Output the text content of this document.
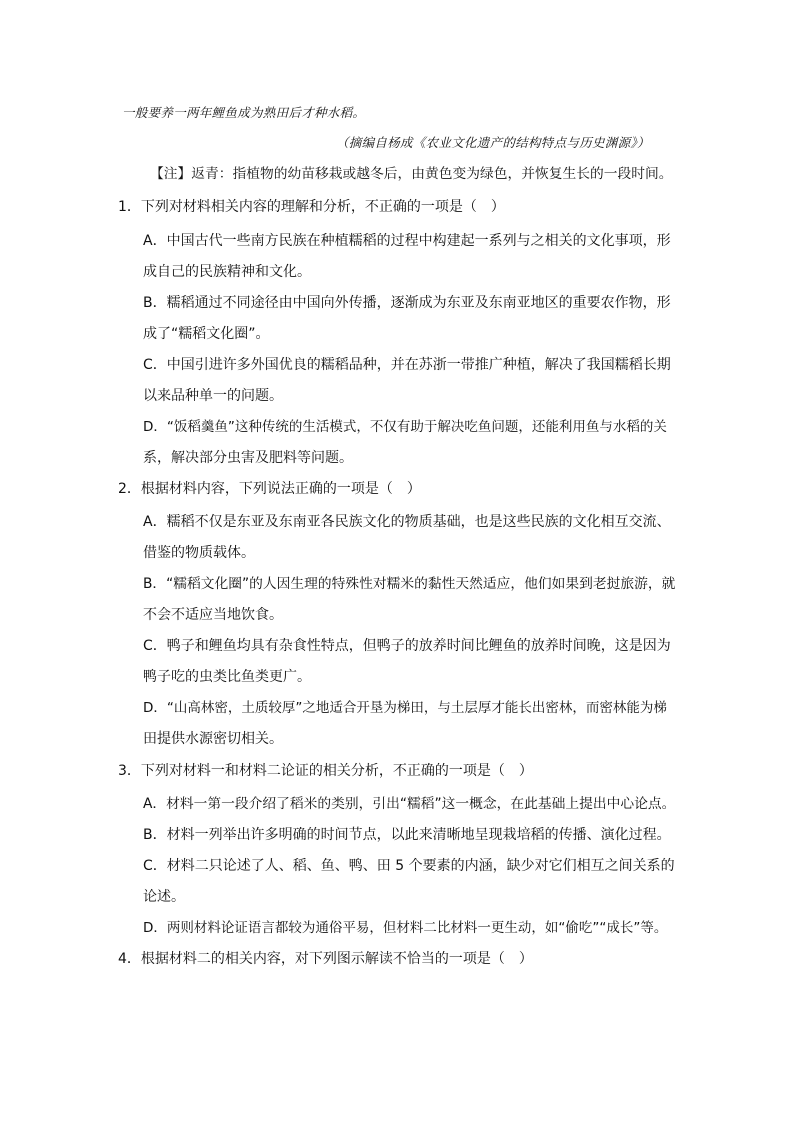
一般要养一两年鲤鱼成为熟田后才种水稻。
（摘编自杨成《农业文化遗产的结构特点与历史渊源》）
【注】返青：指植物的幼苗移栽或越冬后，由黄色变为绿色，并恢复生长的一段时间。
1．下列对材料相关内容的理解和分析，不正确的一项是（　）
A．中国古代一些南方民族在种植糯稻的过程中构建起一系列与之相关的文化事项，形
成自己的民族精神和文化。
B．糯稻通过不同途径由中国向外传播，逐渐成为东亚及东南亚地区的重要农作物，形
成了“糯稻文化圈”。
C．中国引进许多外国优良的糯稻品种，并在苏浙一带推广种植，解决了我国糯稻长期
以来品种单一的问题。
D．“饭稻羹鱼”这种传统的生活模式，不仅有助于解决吃鱼问题，还能利用鱼与水稻的关
系，解决部分虫害及肥料等问题。
2．根据材料内容，下列说法正确的一项是（　）
A．糯稻不仅是东亚及东南亚各民族文化的物质基础，也是这些民族的文化相互交流、
借鉴的物质载体。
B．“糯稻文化圈”的人因生理的特殊性对糯米的黏性天然适应，他们如果到老挝旅游，就
不会不适应当地饮食。
C．鸭子和鲤鱼均具有杂食性特点，但鸭子的放养时间比鲤鱼的放养时间晚，这是因为
鸭子吃的虫类比鱼类更广。
D．“山高林密，土质较厚”之地适合开垦为梯田，与土层厚才能长出密林，而密林能为梯
田提供水源密切相关。
3．下列对材料一和材料二论证的相关分析，不正确的一项是（　）
A．材料一第一段介绍了稻米的类别，引出“糯稻”这一概念，在此基础上提出中心论点。
B．材料一列举出许多明确的时间节点，以此来清晰地呈现栽培稻的传播、演化过程。
C．材料二只论述了人、稻、鱼、鸭、田 5 个要素的内涵，缺少对它们相互之间关系的
论述。
D．两则材料论证语言都较为通俗平易，但材料二比材料一更生动，如“偷吃”“成长”等。
4．根据材料二的相关内容，对下列图示解读不恰当的一项是（　）
